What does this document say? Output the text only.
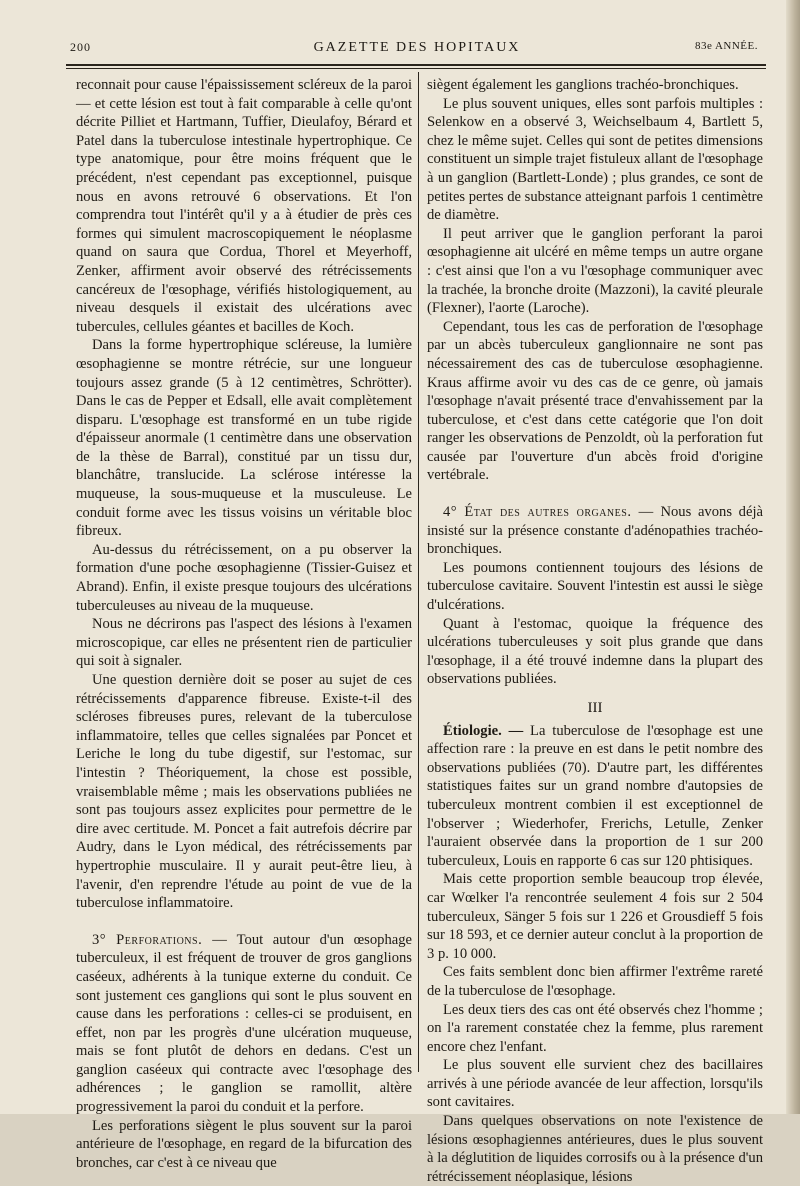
200	GAZETTE DES HOPITAUX	83e ANNÉE.

reconnait pour cause l'épaississement scléreux de la paroi — et cette lésion est tout à fait comparable à celle qu'ont décrite Pilliet et Hartmann, Tuffier, Dieulafoy, Bérard et Patel dans la tuberculose intestinale hypertrophique. Ce type anatomique, pour être moins fréquent que le précédent, n'est cependant pas exceptionnel, puisque nous en avons retrouvé 6 observations. Et l'on comprendra tout l'intérêt qu'il y a à étudier de près ces formes qui simulent macroscopiquement le néoplasme quand on saura que Cordua, Thorel et Meyerhoff, Zenker, affirment avoir observé des rétrécissements cancéreux de l'œsophage, vérifiés histologiquement, au niveau desquels il existait des ulcérations avec tubercules, cellules géantes et bacilles de Koch.

Dans la forme hypertrophique scléreuse, la lumière œsophagienne se montre rétrécie, sur une longueur toujours assez grande (5 à 12 centimètres, Schrötter). Dans le cas de Pepper et Edsall, elle avait complètement disparu. L'œsophage est transformé en un tube rigide d'épaisseur anormale (1 centimètre dans une observation de la thèse de Barral), constitué par un tissu dur, blanchâtre, translucide. La sclérose intéresse la muqueuse, la sous-muqueuse et la musculeuse. Le conduit forme avec les tissus voisins un véritable bloc fibreux.

Au-dessus du rétrécissement, on a pu observer la formation d'une poche œsophagienne (Tissier-Guisez et Abrand). Enfin, il existe presque toujours des ulcérations tuberculeuses au niveau de la muqueuse.

Nous ne décrirons pas l'aspect des lésions à l'examen microscopique, car elles ne présentent rien de particulier qui soit à signaler.

Une question dernière doit se poser au sujet de ces rétrécissements d'apparence fibreuse. Existe-t-il des scléroses fibreuses pures, relevant de la tuberculose inflammatoire, telles que celles signalées par Poncet et Leriche le long du tube digestif, sur l'estomac, sur l'intestin ? Théoriquement, la chose est possible, vraisemblable même ; mais les observations publiées ne sont pas toujours assez explicites pour permettre de le dire avec certitude. M. Poncet a fait autrefois décrire par Audry, dans le Lyon médical, des rétrécissements par hypertrophie musculaire. Il y aurait peut-être lieu, à l'avenir, d'en reprendre l'étude au point de vue de la tuberculose inflammatoire.

3° Perforations. — Tout autour d'un œsophage tuberculeux, il est fréquent de trouver de gros ganglions caséeux, adhérents à la tunique externe du conduit. Ce sont justement ces ganglions qui sont le plus souvent en cause dans les perforations : celles-ci se produisent, en effet, non par les progrès d'une ulcération muqueuse, mais se font plutôt de dehors en dedans. C'est un ganglion caséeux qui contracte avec l'œsophage des adhérences ; le ganglion se ramollit, altère progressivement la paroi du conduit et la perfore.

Les perforations siègent le plus souvent sur la paroi antérieure de l'œsophage, en regard de la bifurcation des bronches, car c'est à ce niveau que

siègent également les ganglions trachéo-bronchiques.

Le plus souvent uniques, elles sont parfois multiples : Selenkow en a observé 3, Weichselbaum 4, Bartlett 5, chez le même sujet. Celles qui sont de petites dimensions constituent un simple trajet fistuleux allant de l'œsophage à un ganglion (Bartlett-Londe) ; plus grandes, ce sont de petites pertes de substance atteignant parfois 1 centimètre de diamètre.

Il peut arriver que le ganglion perforant la paroi œsophagienne ait ulcéré en même temps un autre organe : c'est ainsi que l'on a vu l'œsophage communiquer avec la trachée, la bronche droite (Mazzoni), la cavité pleurale (Flexner), l'aorte (Laroche).

Cependant, tous les cas de perforation de l'œsophage par un abcès tuberculeux ganglionnaire ne sont pas nécessairement des cas de tuberculose œsophagienne. Kraus affirme avoir vu des cas de ce genre, où jamais l'œsophage n'avait présenté trace d'envahissement par la tuberculose, et c'est dans cette catégorie que l'on doit ranger les observations de Penzoldt, où la perforation fut causée par l'ouverture d'un abcès froid d'origine vertébrale.

4° État des autres organes. — Nous avons déjà insisté sur la présence constante d'adénopathies trachéo-bronchiques.

Les poumons contiennent toujours des lésions de tuberculose cavitaire. Souvent l'intestin est aussi le siège d'ulcérations.

Quant à l'estomac, quoique la fréquence des ulcérations tuberculeuses y soit plus grande que dans l'œsophage, il a été trouvé indemne dans la plupart des observations publiées.

III

Étiologie. — La tuberculose de l'œsophage est une affection rare : la preuve en est dans le petit nombre des observations publiées (70). D'autre part, les différentes statistiques faites sur un grand nombre d'autopsies de tuberculeux montrent combien il est exceptionnel de l'observer ; Wiederhofer, Frerichs, Letulle, Zenker l'auraient observée dans la proportion de 1 sur 200 tuberculeux, Louis en rapporte 6 cas sur 120 phtisiques.

Mais cette proportion semble beaucoup trop élevée, car Wœlker l'a rencontrée seulement 4 fois sur 2 504 tuberculeux, Sänger 5 fois sur 1 226 et Grousdieff 5 fois sur 18 593, et ce dernier auteur conclut à la proportion de 3 p. 10 000.

Ces faits semblent donc bien affirmer l'extrême rareté de la tuberculose de l'œsophage.

Les deux tiers des cas ont été observés chez l'homme ; on l'a rarement constatée chez la femme, plus rarement encore chez l'enfant.

Le plus souvent elle survient chez des bacillaires arrivés à une période avancée de leur affection, lorsqu'ils sont cavitaires.

Dans quelques observations on note l'existence de lésions œsophagiennes antérieures, dues le plus souvent à la déglutition de liquides corrosifs ou à la présence d'un rétrécissement néoplasique, lésions
